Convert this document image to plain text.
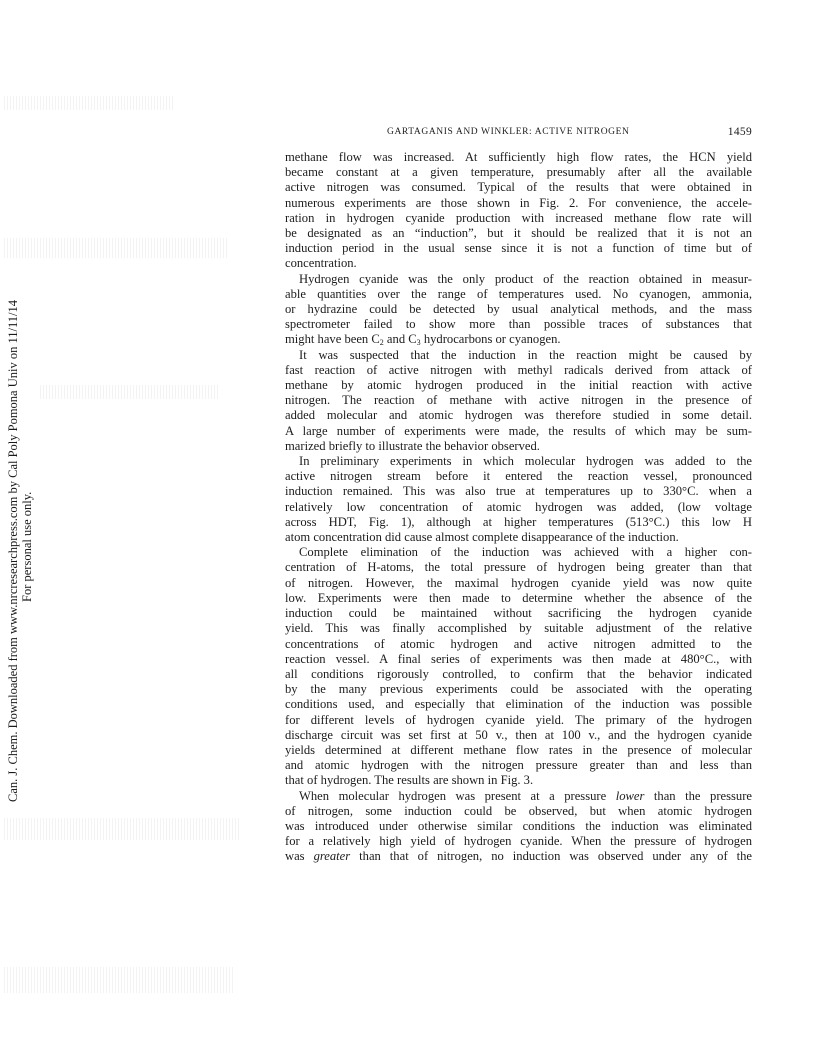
Can. J. Chem. Downloaded from www.nrcresearchpress.com by Cal Poly Pomona Univ on 11/11/14 For personal use only.
GARTAGANIS AND WINKLER: ACTIVE NITROGEN	1459

methane flow was increased. At sufficiently high flow rates, the HCN yield
became constant at a given temperature, presumably after all the available
active nitrogen was consumed. Typical of the results that were obtained in
numerous experiments are those shown in Fig. 2. For convenience, the accele-
ration in hydrogen cyanide production with increased methane flow rate will
be designated as an “induction”, but it should be realized that it is not an
induction period in the usual sense since it is not a function of time but of
concentration.

Hydrogen cyanide was the only product of the reaction obtained in measur-
able quantities over the range of temperatures used. No cyanogen, ammonia,
or hydrazine could be detected by usual analytical methods, and the mass
spectrometer failed to show more than possible traces of substances that
might have been $C_2$ and $C_3$ hydrocarbons or cyanogen.

It was suspected that the induction in the reaction might be caused by
fast reaction of active nitrogen with methyl radicals derived from attack of
methane by atomic hydrogen produced in the initial reaction with active
nitrogen. The reaction of methane with active nitrogen in the presence of
added molecular and atomic hydrogen was therefore studied in some detail.
A large number of experiments were made, the results of which may be sum-
marized briefly to illustrate the behavior observed.

In preliminary experiments in which molecular hydrogen was added to the
active nitrogen stream before it entered the reaction vessel, pronounced
induction remained. This was also true at temperatures up to 330°C. when a
relatively low concentration of atomic hydrogen was added, (low voltage
across HDT, Fig. 1), although at higher temperatures (513°C.) this low H
atom concentration did cause almost complete disappearance of the induction.

Complete elimination of the induction was achieved with a higher con-
centration of H-atoms, the total pressure of hydrogen being greater than that
of nitrogen. However, the maximal hydrogen cyanide yield was now quite
low. Experiments were then made to determine whether the absence of the
induction could be maintained without sacrificing the hydrogen cyanide
yield. This was finally accomplished by suitable adjustment of the relative
concentrations of atomic hydrogen and active nitrogen admitted to the
reaction vessel. A final series of experiments was then made at 480°C., with
all conditions rigorously controlled, to confirm that the behavior indicated
by the many previous experiments could be associated with the operating
conditions used, and especially that elimination of the induction was possible
for different levels of hydrogen cyanide yield. The primary of the hydrogen
discharge circuit was set first at 50 v., then at 100 v., and the hydrogen cyanide
yields determined at different methane flow rates in the presence of molecular
and atomic hydrogen with the nitrogen pressure greater than and less than
that of hydrogen. The results are shown in Fig. 3.

When molecular hydrogen was present at a pressure lower than the pressure
of nitrogen, some induction could be observed, but when atomic hydrogen
was introduced under otherwise similar conditions the induction was eliminated
for a relatively high yield of hydrogen cyanide. When the pressure of hydrogen
was greater than that of nitrogen, no induction was observed under any of the
